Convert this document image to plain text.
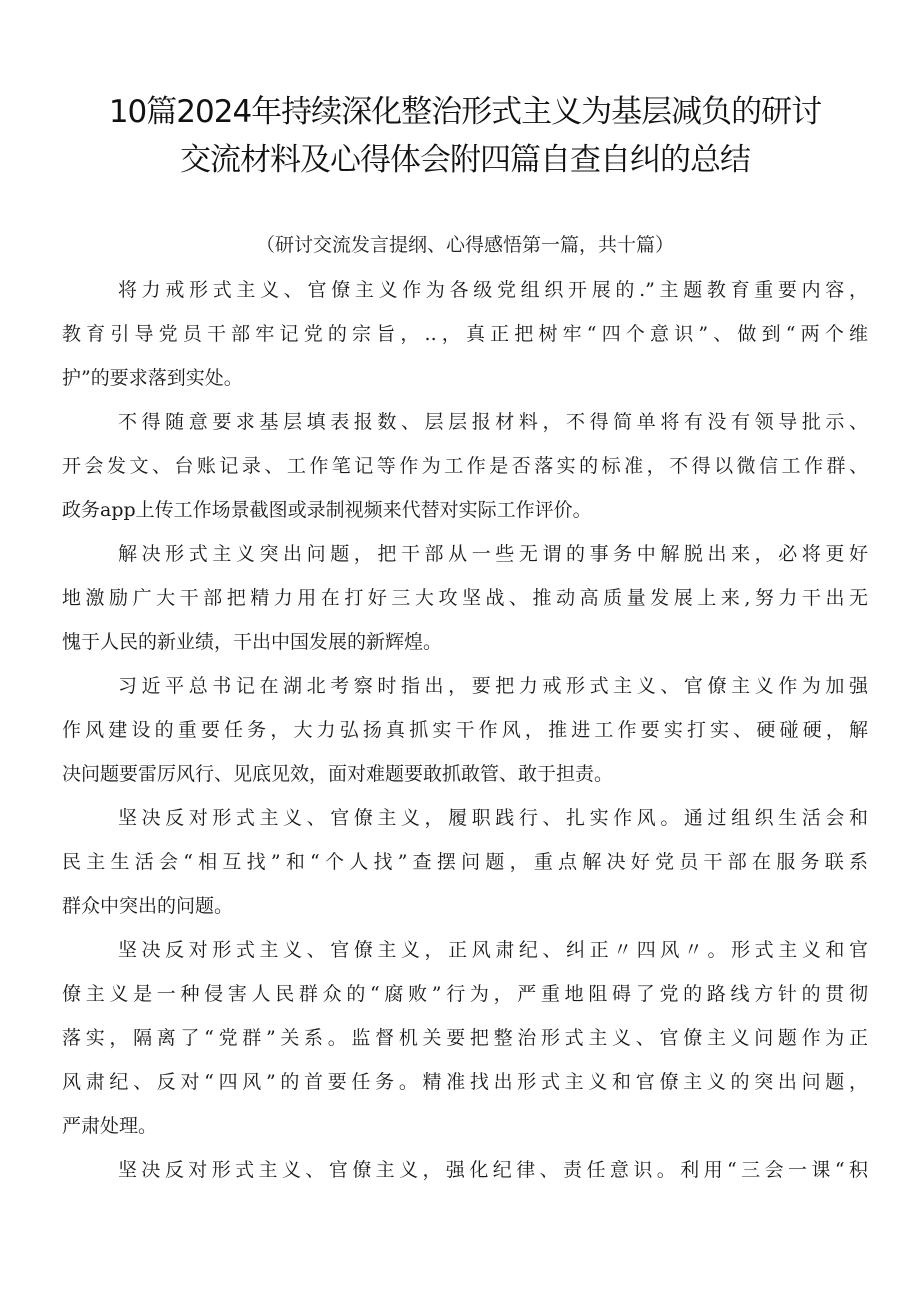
10篇2024年持续深化整治形式主义为基层减负的研讨
交流材料及心得体会附四篇自查自纠的总结
（研讨交流发言提纲、心得感悟第一篇，共十篇）

将力戒形式主义、官僚主义作为各级党组织开展的.”主题教育重要内容，
教育引导党员干部牢记党的宗旨，..，真正把树牢“四个意识”、做到“两个维
护”的要求落到实处。

不得随意要求基层填表报数、层层报材料，不得简单将有没有领导批示、
开会发文、台账记录、工作笔记等作为工作是否落实的标准，不得以微信工作群、
政务app上传工作场景截图或录制视频来代替对实际工作评价。

解决形式主义突出问题，把干部从一些无谓的事务中解脱出来，必将更好
地激励广大干部把精力用在打好三大攻坚战、推动高质量发展上来,努力干出无
愧于人民的新业绩，干出中国发展的新辉煌。

习近平总书记在湖北考察时指出，要把力戒形式主义、官僚主义作为加强
作风建设的重要任务，大力弘扬真抓实干作风，推进工作要实打实、硬碰硬，解
决问题要雷厉风行、见底见效，面对难题要敢抓敢管、敢于担责。

坚决反对形式主义、官僚主义，履职践行、扎实作风。通过组织生活会和
民主生活会“相互找”和“个人找”查摆问题，重点解决好党员干部在服务联系
群众中突出的问题。

坚决反对形式主义、官僚主义，正风肃纪、纠正〃四风〃。形式主义和官
僚主义是一种侵害人民群众的“腐败”行为，严重地阻碍了党的路线方针的贯彻
落实，隔离了“党群”关系。监督机关要把整治形式主义、官僚主义问题作为正
风肃纪、反对“四风”的首要任务。精准找出形式主义和官僚主义的突出问题，
严肃处理。

坚决反对形式主义、官僚主义，强化纪律、责任意识。利用“三会一课“积
